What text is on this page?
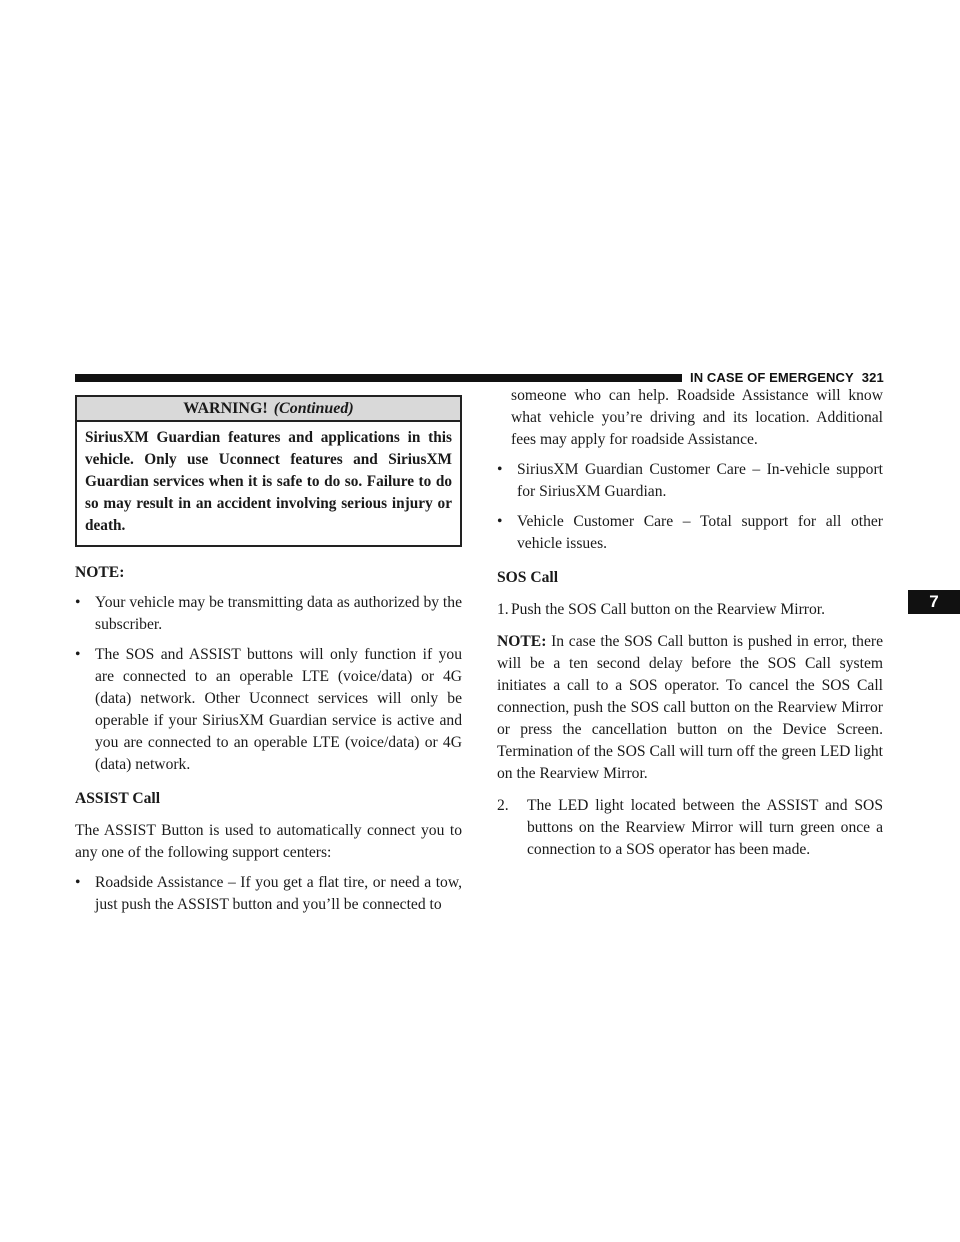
IN CASE OF EMERGENCY 321
7
WARNING! (Continued)
SiriusXM Guardian features and applications in this vehicle. Only use Uconnect features and SiriusXM Guardian services when it is safe to do so. Failure to do so may result in an accident involving serious injury or death.
NOTE:
• Your vehicle may be transmitting data as authorized by the subscriber.
• The SOS and ASSIST buttons will only function if you are connected to an operable LTE (voice/data) or 4G (data) network. Other Uconnect services will only be operable if your SiriusXM Guardian service is active and you are connected to an operable LTE (voice/data) or 4G (data) network.
ASSIST Call
The ASSIST Button is used to automatically connect you to any one of the following support centers:
• Roadside Assistance – If you get a flat tire, or need a tow, just push the ASSIST button and you’ll be connected to
someone who can help. Roadside Assistance will know what vehicle you’re driving and its location. Additional fees may apply for roadside Assistance.
• SiriusXM Guardian Customer Care – In-vehicle support for SiriusXM Guardian.
• Vehicle Customer Care – Total support for all other vehicle issues.
SOS Call
1. Push the SOS Call button on the Rearview Mirror.
NOTE: In case the SOS Call button is pushed in error, there will be a ten second delay before the SOS Call system initiates a call to a SOS operator. To cancel the SOS Call connection, push the SOS call button on the Rearview Mirror or press the cancellation button on the Device Screen. Termination of the SOS Call will turn off the green LED light on the Rearview Mirror.
2. The LED light located between the ASSIST and SOS buttons on the Rearview Mirror will turn green once a connection to a SOS operator has been made.
